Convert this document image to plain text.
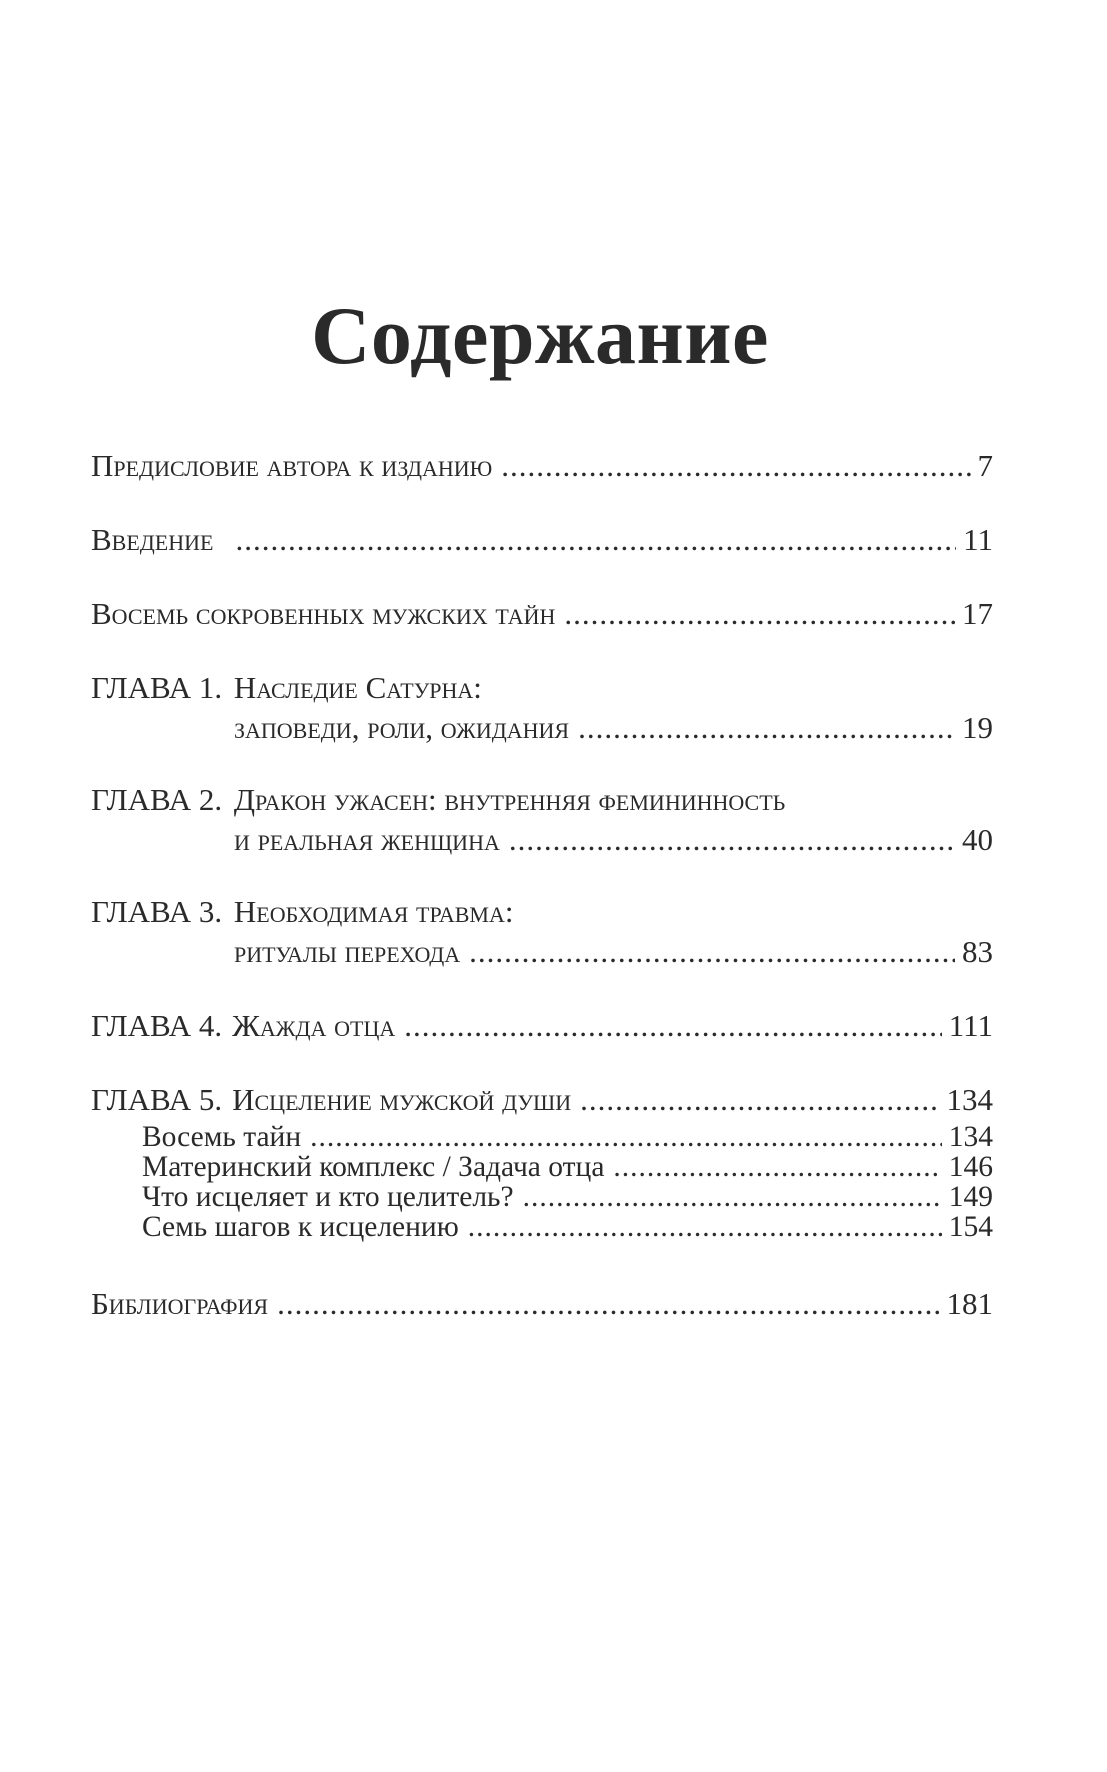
Содержание
Предисловие автора к изданию .....	7
Введение .....	11
Восемь сокровенных мужских тайн .....	17
ГЛАВА 1. Наследие Сатурна:
заповеди, роли, ожидания .....	19
ГЛАВА 2. Дракон ужасен: внутренняя фемининность
и реальная женщина .....	40
ГЛАВА 3. Необходимая травма:
ритуалы перехода .....	83
ГЛАВА 4. Жажда отца .....	111
ГЛАВА 5. Исцеление мужской души .....	134
Восемь тайн .....	134
Материнский комплекс / Задача отца .....	146
Что исцеляет и кто целитель? .....	149
Семь шагов к исцелению .....	154
Библиография .....	181
